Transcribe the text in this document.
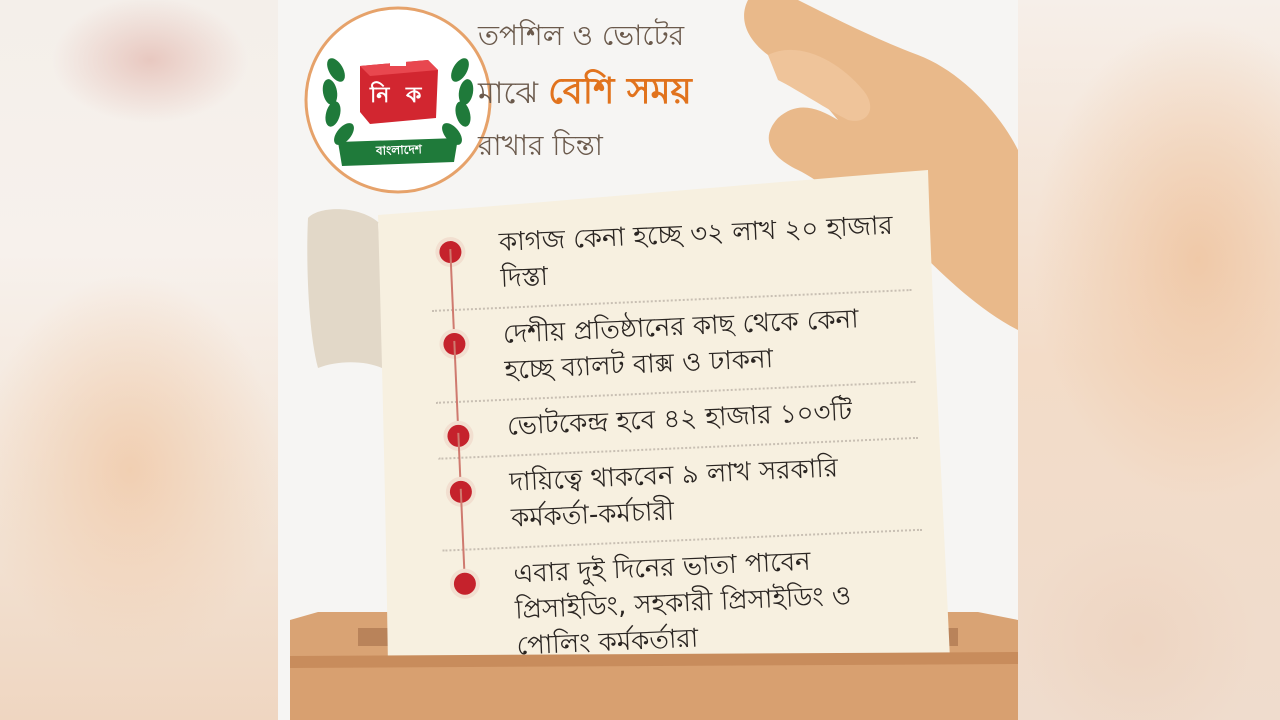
নি ক
বাংলাদেশ
তপশিল ও ভোটের
মাঝে বেশি সময়
রাখার চিন্তা
কাগজ কেনা হচ্ছে ৩২ লাখ ২০ হাজার দিস্তা
দেশীয় প্রতিষ্ঠানের কাছ থেকে কেনা হচ্ছে ব্যালট বাক্স ও ঢাকনা
ভোটকেন্দ্র হবে ৪২ হাজার ১০৩টি
দায়িত্বে থাকবেন ৯ লাখ সরকারি কর্মকর্তা-কর্মচারী
এবার দুই দিনের ভাতা পাবেন প্রিসাইডিং, সহকারী প্রিসাইডিং ও পোলিং কর্মকর্তারা
